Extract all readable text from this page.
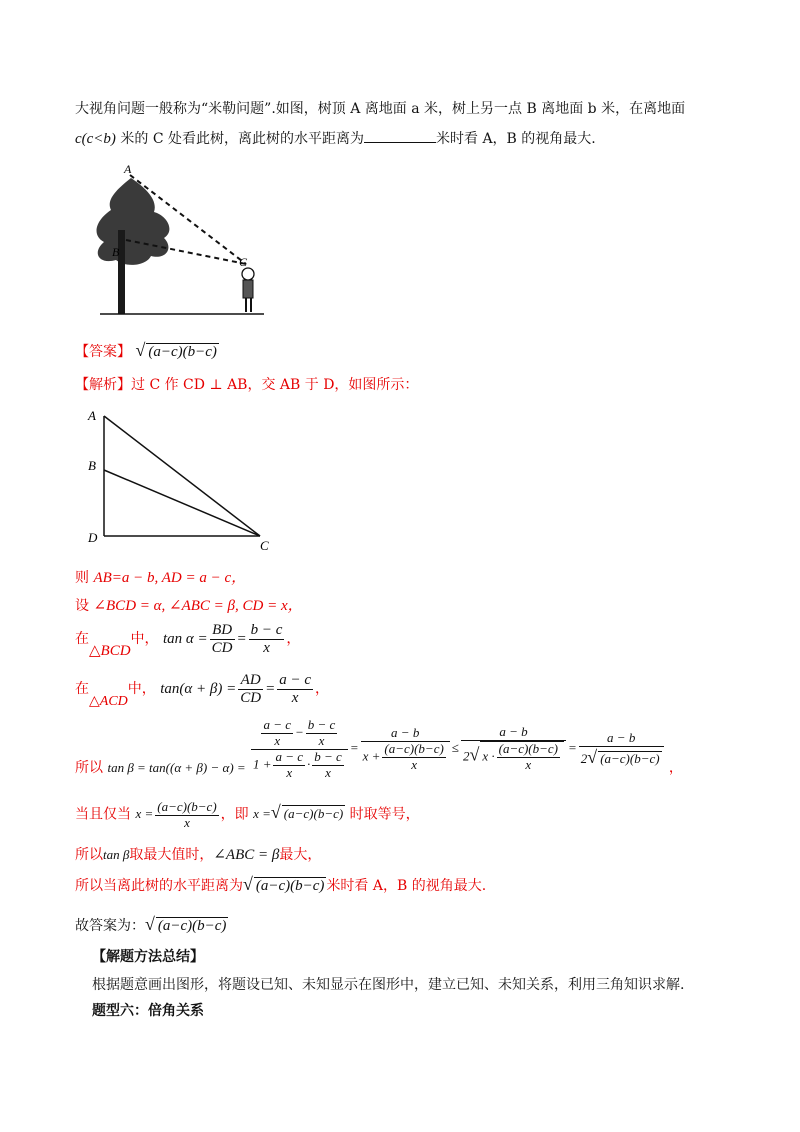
大视角问题一般称为“米勒问题”.如图，树顶 A 离地面 a 米，树上另一点 B 离地面 b 米，在离地面
c(c<b) 米的 C 处看此树，离此树的水平距离为	米时看 A，B 的视角最大.
A
B
C
【答案】 √ (a−c)(b−c)
【解析】过 C 作 CD ⊥ AB，交 AB 于 D，如图所示：
A
B
D
C
则 AB=a − b, AD = a − c，
设 ∠BCD = α, ∠ABC = β, CD = x，
在△BCD中， $\tan \alpha = \frac{BD}{CD} = \frac{b - c}{x}$ ，
在△ACD中， $\tan(\alpha + \beta) = \frac{AD}{CD} = \frac{a - c}{x}$ ，
所以 $\tan \beta = \tan((\alpha + \beta) - \alpha) = \frac{\frac{a - c}{x} - \frac{b - c}{x}}{1 + \frac{a - c}{x} \cdot \frac{b - c}{x}} = \frac{a - b}{x + \frac{(a-c)(b-c)}{x}} \le \frac{a - b}{2√ x \cdot \frac{(a-c)(b-c)}{x}} = \frac{a - b}{2√ (a-c)(b-c)}$
，
当且仅当 $x = \frac{(a-c)(b-c)}{x}$ ，即 x =√ (a−c)(b−c) 时取等号，
所以tan β取最大值时，∠ABC = β最大，
所以当离此树的水平距离为√ (a−c)(b−c) 米时看 A，B 的视角最大.
故答案为：√ (a−c)(b−c)
【解题方法总结】
根据题意画出图形，将题设已知、未知显示在图形中，建立已知、未知关系，利用三角知识求解.
题型六：倍角关系
